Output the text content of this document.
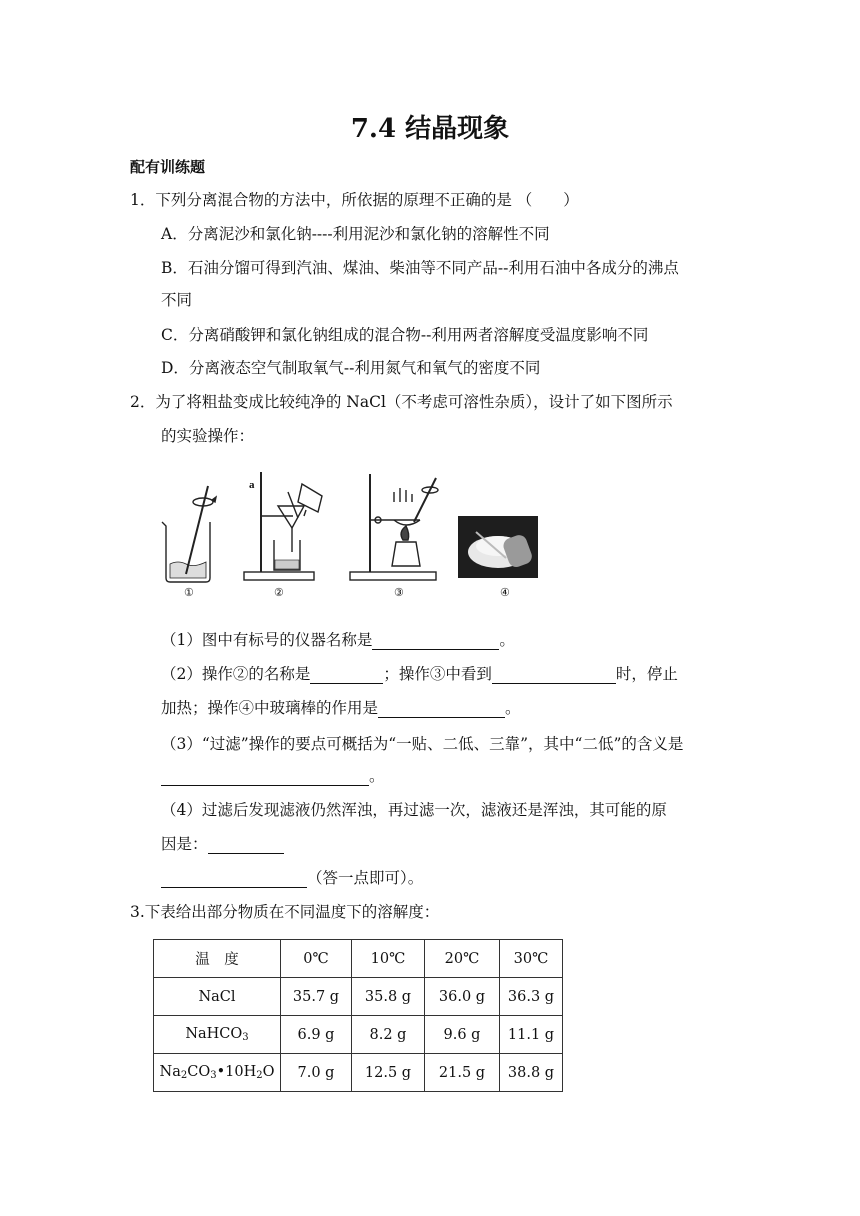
7.4 结晶现象
配有训练题
1．下列分离混合物的方法中，所依据的原理不正确的是 （　　）
A．分离泥沙和氯化钠----利用泥沙和氯化钠的溶解性不同
B．石油分馏可得到汽油、煤油、柴油等不同产品--利用石油中各成分的沸点
不同
C．分离硝酸钾和氯化钠组成的混合物--利用两者溶解度受温度影响不同
D．分离液态空气制取氧气--利用氮气和氧气的密度不同
2．为了将粗盐变成比较纯净的 NaCl（不考虑可溶性杂质），设计了如下图所示
的实验操作：
a
①	②	③	④
（1）图中有标号的仪器名称是	。
（2）操作②的名称是	；操作③中看到	时，停止
加热；操作④中玻璃棒的作用是	。
（3）“过滤”操作的要点可概括为“一贴、二低、三靠”，其中“二低”的含义是
。
（4）过滤后发现滤液仍然浑浊，再过滤一次，滤液还是浑浊，其可能的原
因是：
（答一点即可）。
3.下表给出部分物质在不同温度下的溶解度：
温　度	0℃	10℃	20℃	30℃
NaCl	35.7 g	35.8 g	36.0 g	36.3 g
NaHCO$_3$	6.9 g	8.2 g	9.6 g	11.1 g
$Na_2CO_3•10H_2O$	7.0 g	12.5 g	21.5 g	38.8 g
